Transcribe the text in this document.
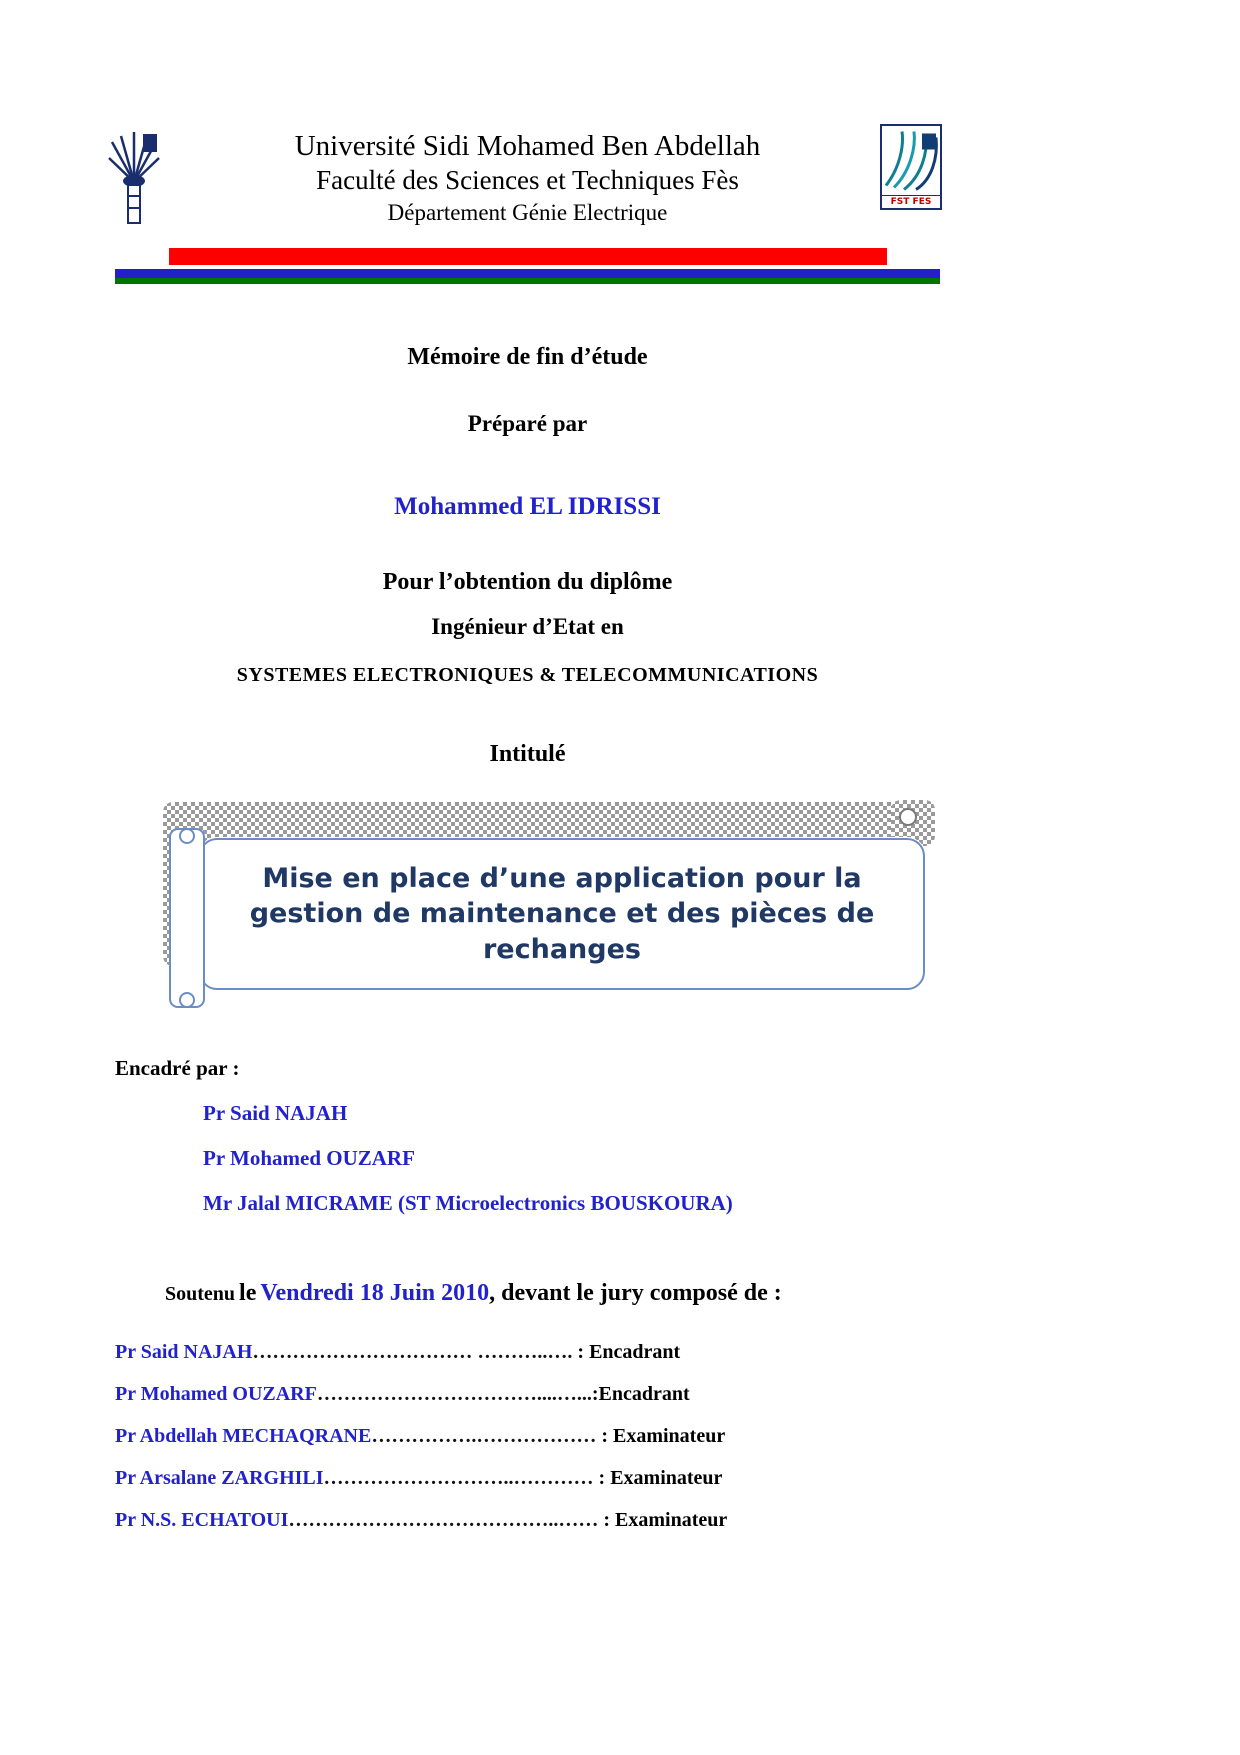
Université Sidi Mohamed Ben Abdellah
Faculté des Sciences et Techniques Fès
Département Génie Electrique	FST FES
Mémoire de fin d’étude
Préparé par
Mohammed EL IDRISSI
Pour l’obtention du diplôme
Ingénieur d’Etat en
SYSTEMES ELECTRONIQUES & TELECOMMUNICATIONS
Intitulé
Mise en place d’une application pour la gestion de maintenance et des pièces de rechanges
Encadré par :
Pr Said NAJAH
Pr Mohamed OUZARF
Mr Jalal MICRAME (ST Microelectronics BOUSKOURA)
Soutenu le Vendredi 18 Juin 2010, devant le jury composé de :
Pr Said NAJAH…………………………… ………..…. : Encadrant
Pr Mohamed OUZARF……………………………....…...:Encadrant
Pr Abdellah MECHAQRANE…………….……………… : Examinateur
Pr Arsalane ZARGHILI………………………..………… : Examinateur
Pr N.S. ECHATOUI…………………………………..…… : Examinateur
